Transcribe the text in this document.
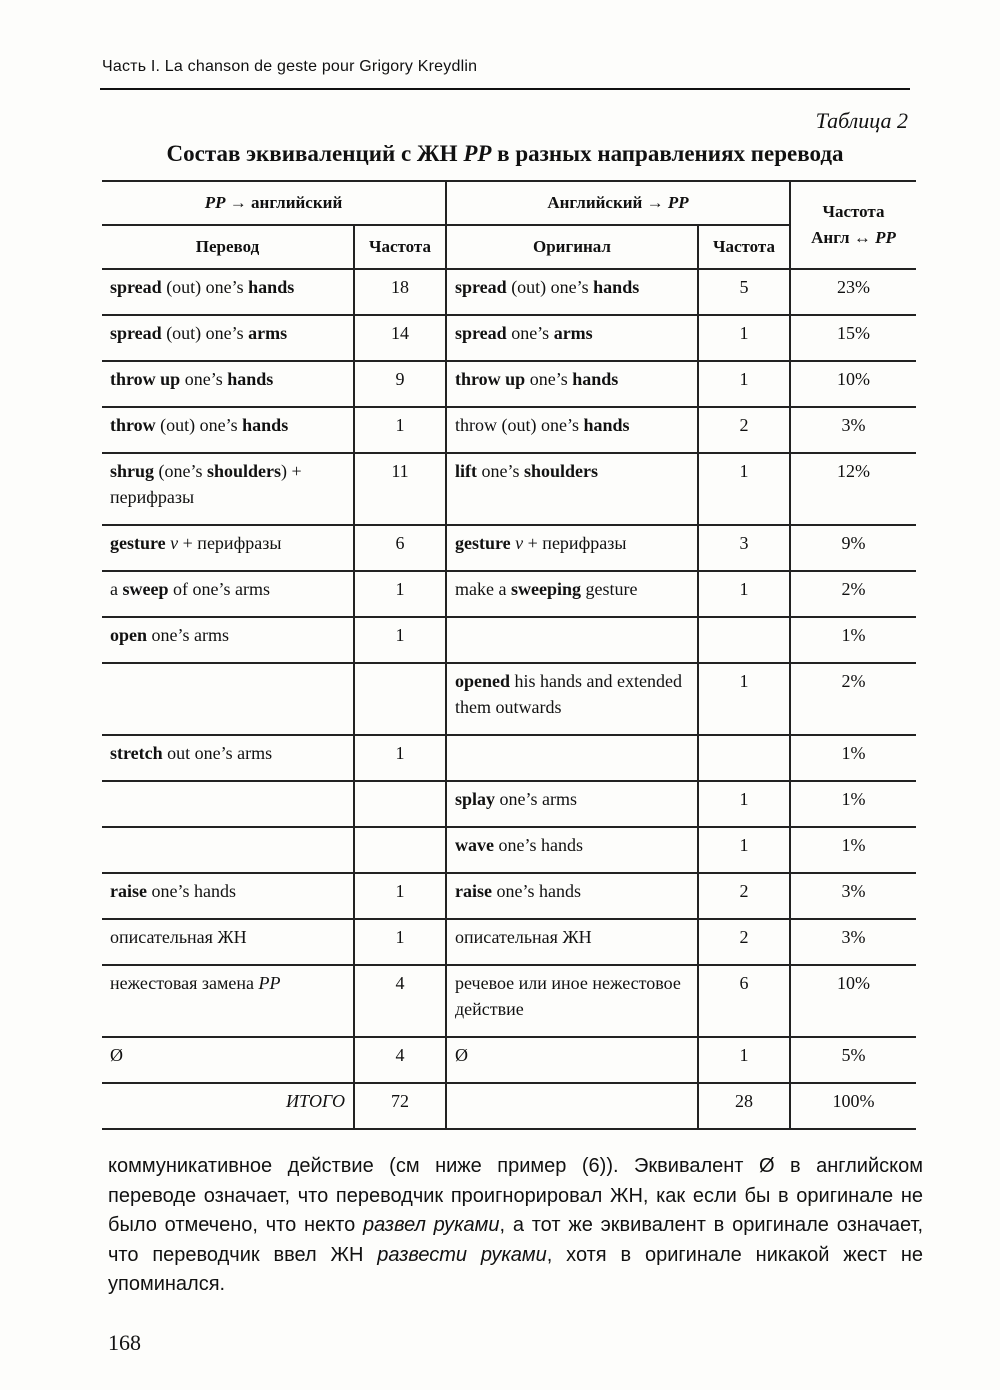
Часть I. La chanson de geste pour Grigory Kreydlin
Таблица 2
Состав эквиваленций с ЖН РР в разных направлениях перевода
РР → английский		Английский → РР		Частота
Англ ↔ РР

Перевод	Частота	Оригинал	Частота	
spread (out) one’s hands	18	spread (out) one’s hands	5	23%
spread (out) one’s arms	14	spread one’s arms	1	15%
throw up one’s hands	9	throw up one’s hands	1	10%
throw (out) one’s hands	1	throw (out) one’s hands	2	3%
shrug (one’s shoulders) + перифразы	11	lift one’s shoulders	1	12%
gesture v + перифразы	6	gesture v + перифразы	3	9%
a sweep of one’s arms	1	make a sweeping gesture	1	2%
open one’s arms	1			1%
		opened his hands and extended them outwards	1	2%
stretch out one’s arms	1			1%
		splay one’s arms	1	1%
		wave one’s hands	1	1%
raise one’s hands	1	raise one’s hands	2	3%
описательная ЖН	1	описательная ЖН	2	3%
нежестовая замена РР	4	речевое или иное нежестовое действие	6	10%
Ø	4	Ø	1	5%
ИТОГО	72		28	100%
коммуникативное действие (см ниже пример (6)). Эквивалент Ø в английском переводе означает, что переводчик проигнорировал ЖН, как если бы в оригинале не было отмечено, что некто развел руками, а тот же эквивалент в оригинале означает, что переводчик ввел ЖН развести руками, хотя в оригинале никакой жест не упоминался.
168
